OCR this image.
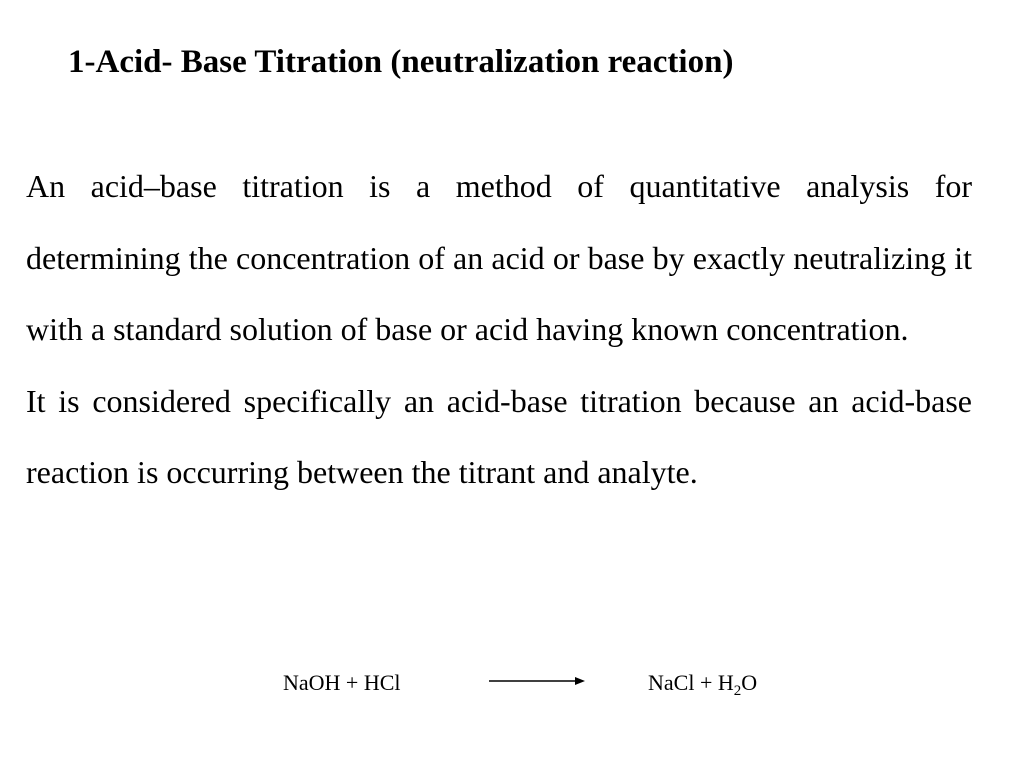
1-Acid- Base Titration (neutralization reaction)

An acid–base titration is a method of quantitative analysis for determining the concentration of an acid or base by exactly neutralizing it with a standard solution of base or acid having known concentration.

It is considered specifically an acid-base titration because an acid-base reaction is occurring between the titrant and analyte.

NaOH + HCl	NaCl + $H_2O$
